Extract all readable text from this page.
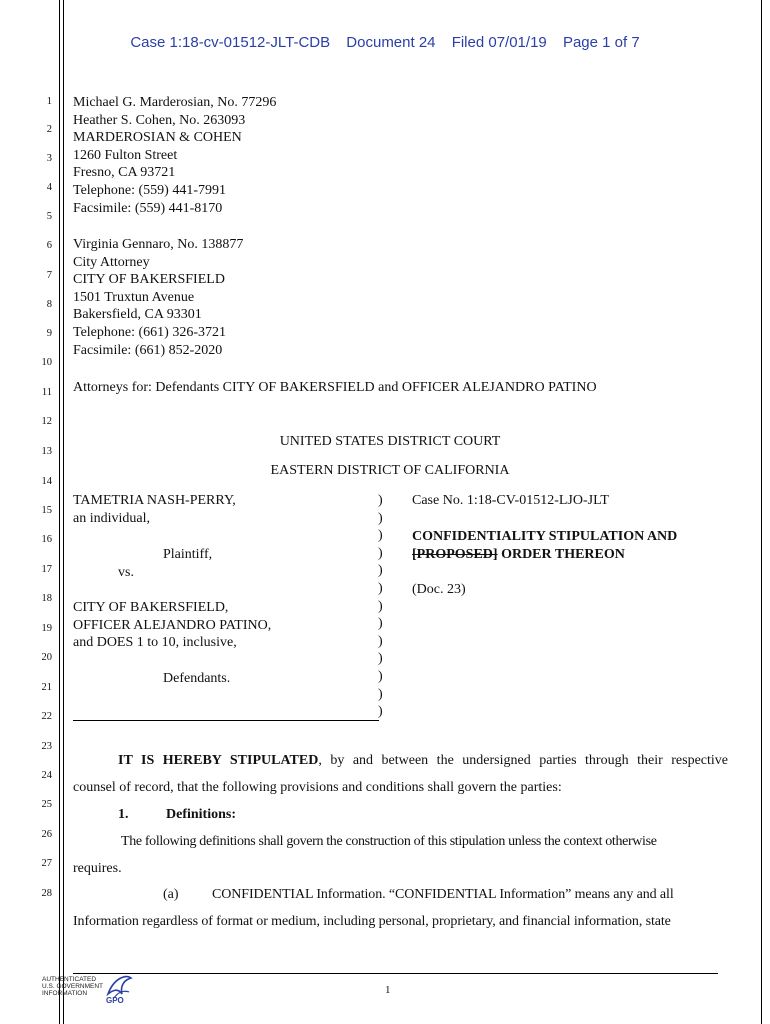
Case 1:18-cv-01512-JLT-CDB Document 24 Filed 07/01/19 Page 1 of 7
1
2
3
4
5
6
7
8
9
10
11
12
13
14
15
16
17
18
19
20
21
22
23
24
25
26
27
28
Michael G. Marderosian, No. 77296
Heather S. Cohen, No. 263093
MARDEROSIAN & COHEN
1260 Fulton Street
Fresno, CA 93721
Telephone: (559) 441-7991
Facsimile: (559) 441-8170
Virginia Gennaro, No. 138877
City Attorney
CITY OF BAKERSFIELD
1501 Truxtun Avenue
Bakersfield, CA 93301
Telephone: (661) 326-3721
Facsimile: (661) 852-2020
Attorneys for: Defendants CITY OF BAKERSFIELD and OFFICER ALEJANDRO PATINO
UNITED STATES DISTRICT COURT
EASTERN DISTRICT OF CALIFORNIA
TAMETRIA NASH-PERRY,
an individual,
Plaintiff,
vs.
CITY OF BAKERSFIELD,
OFFICER ALEJANDRO PATINO,
and DOES 1 to 10, inclusive,
Defendants.
)
)
)
)
)
)
)
)
)
)
)
)
)
Case No. 1:18-CV-01512-LJO-JLT
CONFIDENTIALITY STIPULATION AND
[PROPOSED] ORDER THEREON
(Doc. 23)
IT IS HEREBY STIPULATED, by and between the undersigned parties through their respective
counsel of record, that the following provisions and conditions shall govern the parties:
1.	Definitions:
The following definitions shall govern the construction of this stipulation unless the context otherwise
requires.
(a) CONFIDENTIAL Information. “CONFIDENTIAL Information” means any and all
Information regardless of format or medium, including personal, proprietary, and financial information, state
1
AUTHENTICATED
U.S. GOVERNMENT
INFORMATION
GPO
